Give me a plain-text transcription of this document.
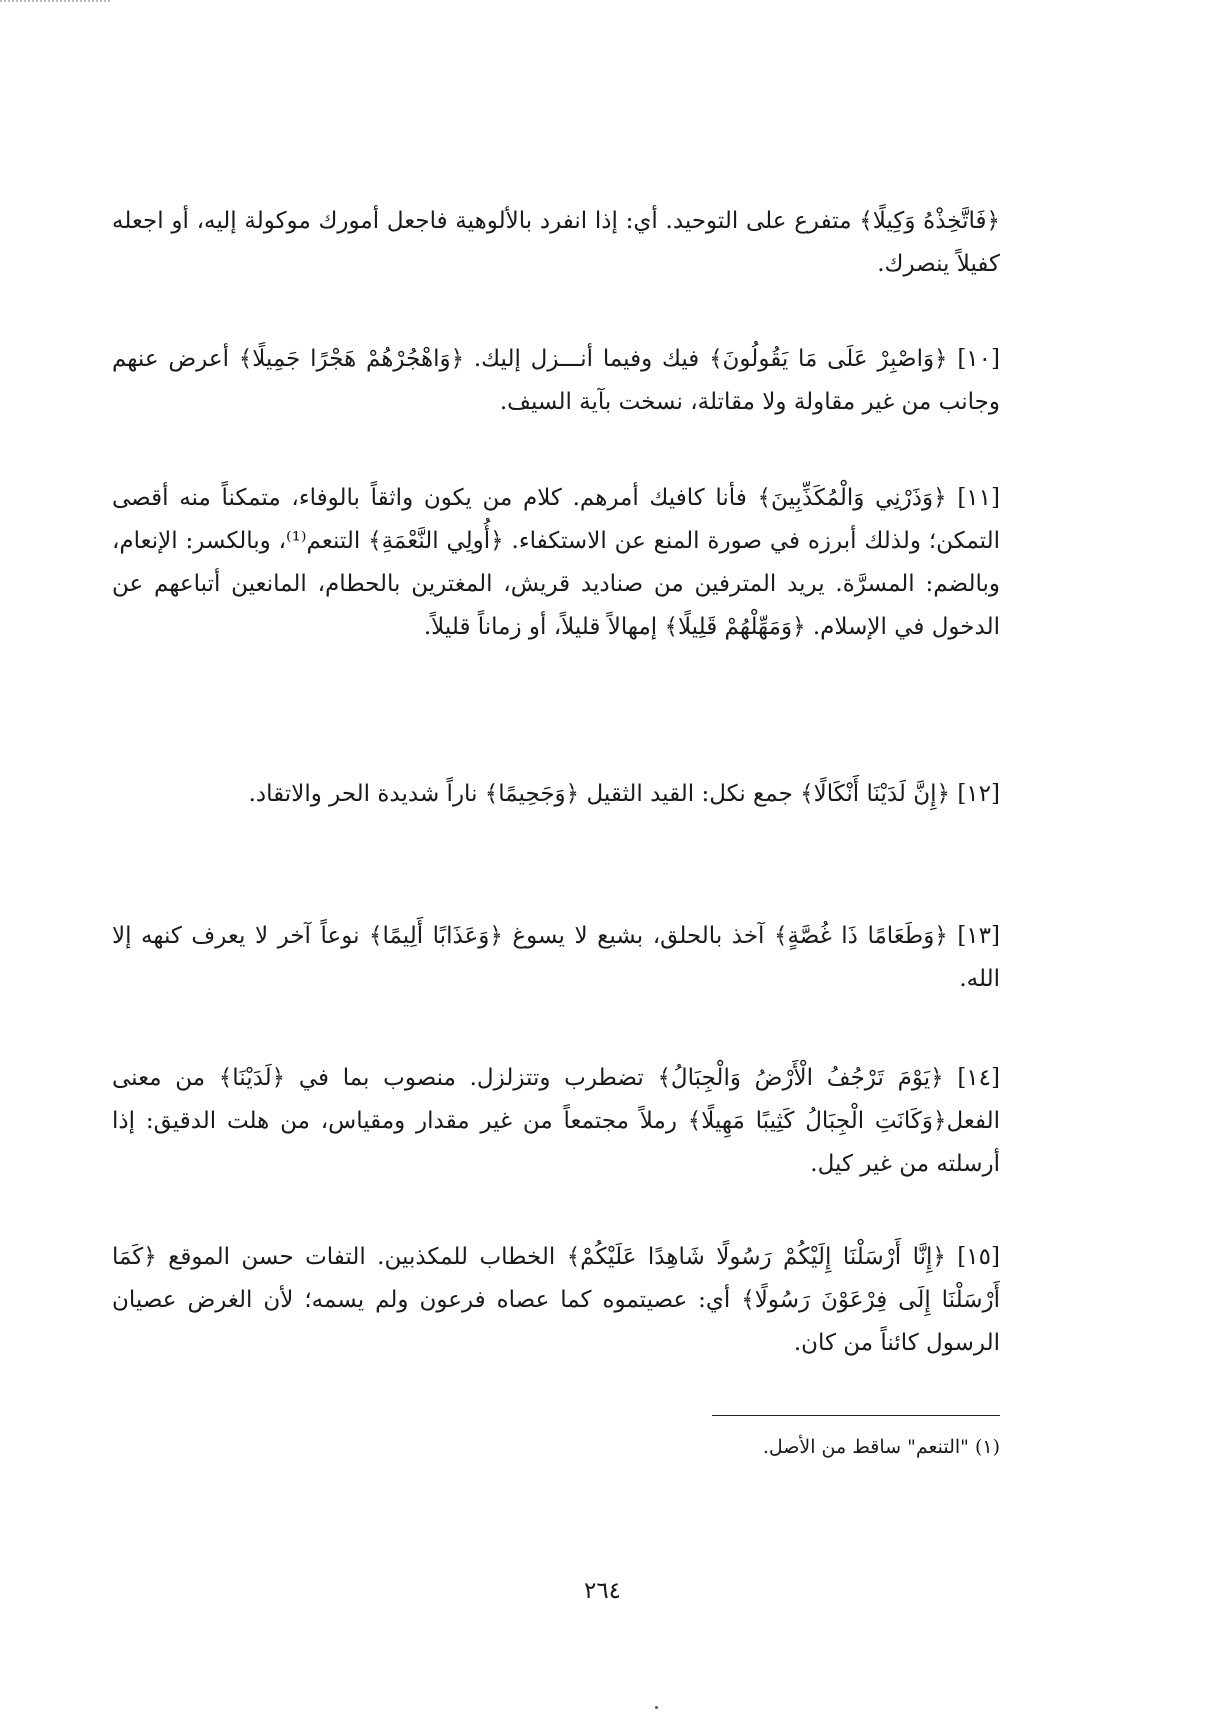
﴿فَاتَّخِذْهُ وَكِيلًا﴾ متفرع على التوحيد. أي: إذا انفرد بالألوهية فاجعل أمورك موكولة إليه، أو اجعله كفيلاً ينصرك.
[١٠] ﴿وَاصْبِرْ عَلَى مَا يَقُولُونَ﴾ فيك وفيما أنـــزل إليك. ﴿وَاهْجُرْهُمْ هَجْرًا جَمِيلًا﴾ أعرض عنهم وجانب من غير مقاولة ولا مقاتلة، نسخت بآية السيف.
[١١] ﴿وَذَرْنِي وَالْمُكَذِّبِينَ﴾ فأنا كافيك أمرهم. كلام من يكون واثقاً بالوفاء، متمكناً منه أقصى التمكن؛ ولذلك أبرزه في صورة المنع عن الاستكفاء. ﴿أُولِي النَّعْمَةِ﴾ التنعم⁽¹⁾، وبالكسر: الإنعام، وبالضم: المسرَّة. يريد المترفين من صناديد قريش، المغترين بالحطام، المانعين أتباعهم عن الدخول في الإسلام. ﴿وَمَهِّلْهُمْ قَلِيلًا﴾ إمهالاً قليلاً، أو زماناً قليلاً.
[١٢] ﴿إِنَّ لَدَيْنَا أَنْكَالًا﴾ جمع نكل: القيد الثقيل ﴿وَجَحِيمًا﴾ ناراً شديدة الحر والاتقاد.
[١٣] ﴿وَطَعَامًا ذَا غُصَّةٍ﴾ آخذ بالحلق، بشيع لا يسوغ ﴿وَعَذَابًا أَلِيمًا﴾ نوعاً آخر لا يعرف كنهه إلا الله.
[١٤] ﴿يَوْمَ تَرْجُفُ الْأَرْضُ وَالْجِبَالُ﴾ تضطرب وتتزلزل. منصوب بما في ﴿لَدَيْنَا﴾ من معنى الفعل﴿وَكَانَتِ الْجِبَالُ كَثِيبًا مَهِيلًا﴾ رملاً مجتمعاً من غير مقدار ومقياس، من هلت الدقيق: إذا أرسلته من غير كيل.
[١٥] ﴿إِنَّا أَرْسَلْنَا إِلَيْكُمْ رَسُولًا شَاهِدًا عَلَيْكُمْ﴾ الخطاب للمكذبين. التفات حسن الموقع ﴿كَمَا أَرْسَلْنَا إِلَى فِرْعَوْنَ رَسُولًا﴾ أي: عصيتموه كما عصاه فرعون ولم يسمه؛ لأن الغرض عصيان الرسول كائناً من كان.
(١) "التنعم" ساقط من الأصل.
٢٦٤
